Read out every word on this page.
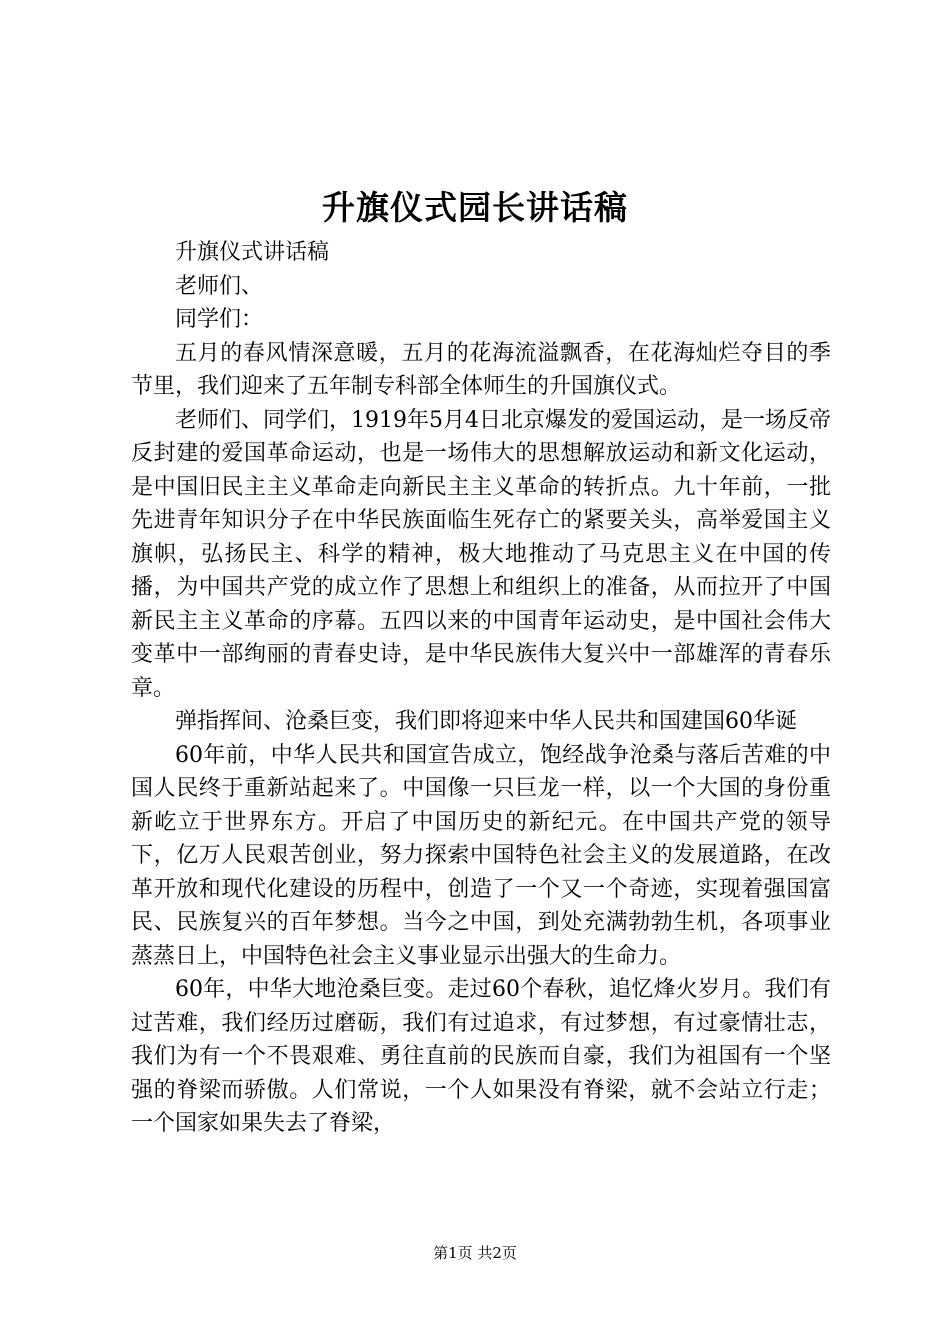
升旗仪式园长讲话稿

升旗仪式讲话稿

老师们、

同学们：

五月的春风情深意暖，五月的花海流溢飘香，在花海灿烂夺目的季节里，我们迎来了五年制专科部全体师生的升国旗仪式。

老师们、同学们，1919年5月4日北京爆发的爱国运动，是一场反帝反封建的爱国革命运动，也是一场伟大的思想解放运动和新文化运动，是中国旧民主主义革命走向新民主主义革命的转折点。九十年前，一批先进青年知识分子在中华民族面临生死存亡的紧要关头，高举爱国主义旗帜，弘扬民主、科学的精神，极大地推动了马克思主义在中国的传播，为中国共产党的成立作了思想上和组织上的准备，从而拉开了中国新民主主义革命的序幕。五四以来的中国青年运动史，是中国社会伟大变革中一部绚丽的青春史诗，是中华民族伟大复兴中一部雄浑的青春乐章。

弹指挥间、沧桑巨变，我们即将迎来中华人民共和国建国60华诞

60年前，中华人民共和国宣告成立，饱经战争沧桑与落后苦难的中国人民终于重新站起来了。中国像一只巨龙一样，以一个大国的身份重新屹立于世界东方。开启了中国历史的新纪元。在中国共产党的领导下，亿万人民艰苦创业，努力探索中国特色社会主义的发展道路，在改革开放和现代化建设的历程中，创造了一个又一个奇迹，实现着强国富民、民族复兴的百年梦想。当今之中国，到处充满勃勃生机，各项事业蒸蒸日上，中国特色社会主义事业显示出强大的生命力。

60年，中华大地沧桑巨变。走过60个春秋，追忆烽火岁月。我们有过苦难，我们经历过磨砺，我们有过追求，有过梦想，有过豪情壮志，我们为有一个不畏艰难、勇往直前的民族而自豪，我们为祖国有一个坚强的脊梁而骄傲。人们常说，一个人如果没有脊梁，就不会站立行走；一个国家如果失去了脊梁，

第1页 共2页
